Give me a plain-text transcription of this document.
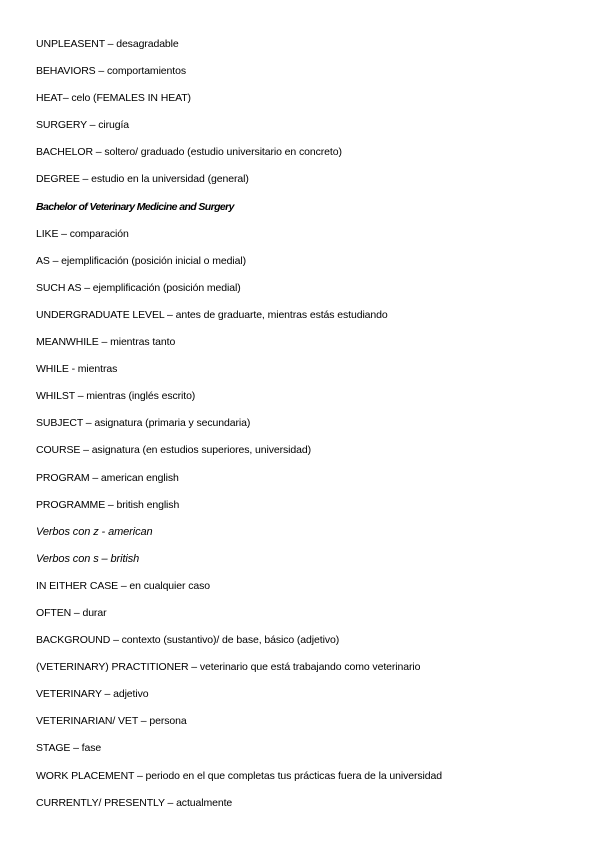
UNPLEASENT – desagradable
BEHAVIORS – comportamientos
HEAT– celo (FEMALES IN HEAT)
SURGERY – cirugía
BACHELOR – soltero/ graduado (estudio universitario en concreto)
DEGREE – estudio en la universidad (general)
Bachelor of Veterinary Medicine and Surgery
LIKE – comparación
AS – ejemplificación (posición inicial o medial)
SUCH AS – ejemplificación (posición medial)
UNDERGRADUATE LEVEL – antes de graduarte, mientras estás estudiando
MEANWHILE – mientras tanto
WHILE - mientras
WHILST – mientras (inglés escrito)
SUBJECT – asignatura (primaria y secundaria)
COURSE – asignatura (en estudios superiores, universidad)
PROGRAM – american english
PROGRAMME – british english
Verbos con z - american
Verbos con s – british
IN EITHER CASE – en cualquier caso
OFTEN – durar
BACKGROUND – contexto (sustantivo)/ de base, básico (adjetivo)
(VETERINARY) PRACTITIONER – veterinario que está trabajando como veterinario
VETERINARY – adjetivo
VETERINARIAN/ VET – persona
STAGE – fase
WORK PLACEMENT – periodo en el que completas tus prácticas fuera de la universidad
CURRENTLY/ PRESENTLY – actualmente
